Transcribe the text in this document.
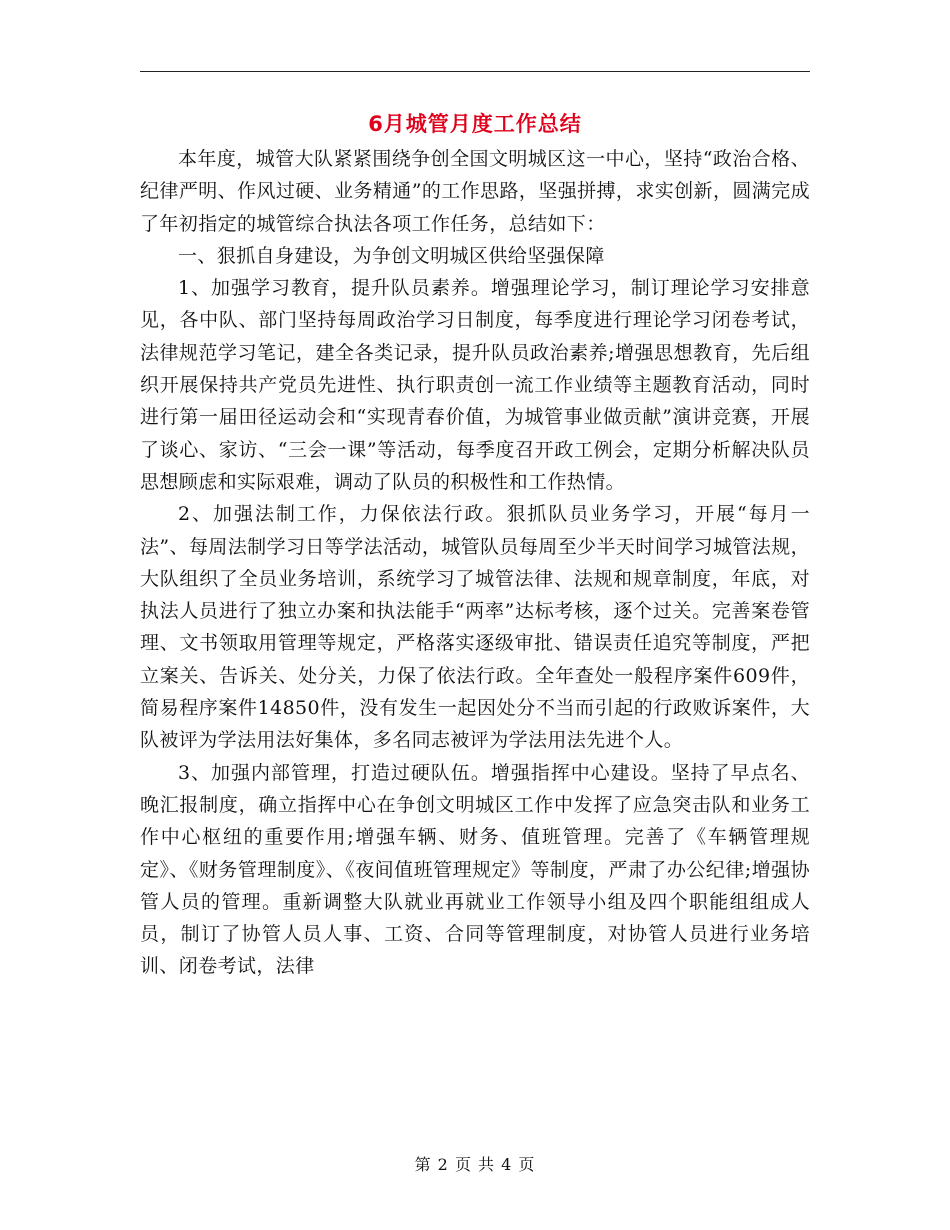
6月城管月度工作总结

本年度，城管大队紧紧围绕争创全国文明城区这一中心，坚持“政治合格、纪律严明、作风过硬、业务精通”的工作思路，坚强拼搏，求实创新，圆满完成了年初指定的城管综合执法各项工作任务，总结如下：

一、狠抓自身建设，为争创文明城区供给坚强保障

1、加强学习教育，提升队员素养。增强理论学习，制订理论学习安排意见，各中队、部门坚持每周政治学习日制度，每季度进行理论学习闭卷考试，法律规范学习笔记，建全各类记录，提升队员政治素养;增强思想教育，先后组织开展保持共产党员先进性、执行职责创一流工作业绩等主题教育活动，同时进行第一届田径运动会和“实现青春价值，为城管事业做贡献”演讲竞赛，开展了谈心、家访、“三会一课”等活动，每季度召开政工例会，定期分析解决队员思想顾虑和实际艰难，调动了队员的积极性和工作热情。

2、加强法制工作，力保依法行政。狠抓队员业务学习，开展“每月一法”、每周法制学习日等学法活动，城管队员每周至少半天时间学习城管法规，大队组织了全员业务培训，系统学习了城管法律、法规和规章制度，年底，对执法人员进行了独立办案和执法能手“两率”达标考核，逐个过关。完善案卷管理、文书领取用管理等规定，严格落实逐级审批、错误责任追究等制度，严把立案关、告诉关、处分关，力保了依法行政。全年查处一般程序案件609件，简易程序案件14850件，没有发生一起因处分不当而引起的行政败诉案件，大队被评为学法用法好集体，多名同志被评为学法用法先进个人。

3、加强内部管理，打造过硬队伍。增强指挥中心建设。坚持了早点名、晚汇报制度，确立指挥中心在争创文明城区工作中发挥了应急突击队和业务工作中心枢纽的重要作用;增强车辆、财务、值班管理。完善了《车辆管理规定》、《财务管理制度》、《夜间值班管理规定》等制度，严肃了办公纪律;增强协管人员的管理。重新调整大队就业再就业工作领导小组及四个职能组组成人员，制订了协管人员人事、工资、合同等管理制度，对协管人员进行业务培训、闭卷考试，法律

第 2 页 共 4 页
